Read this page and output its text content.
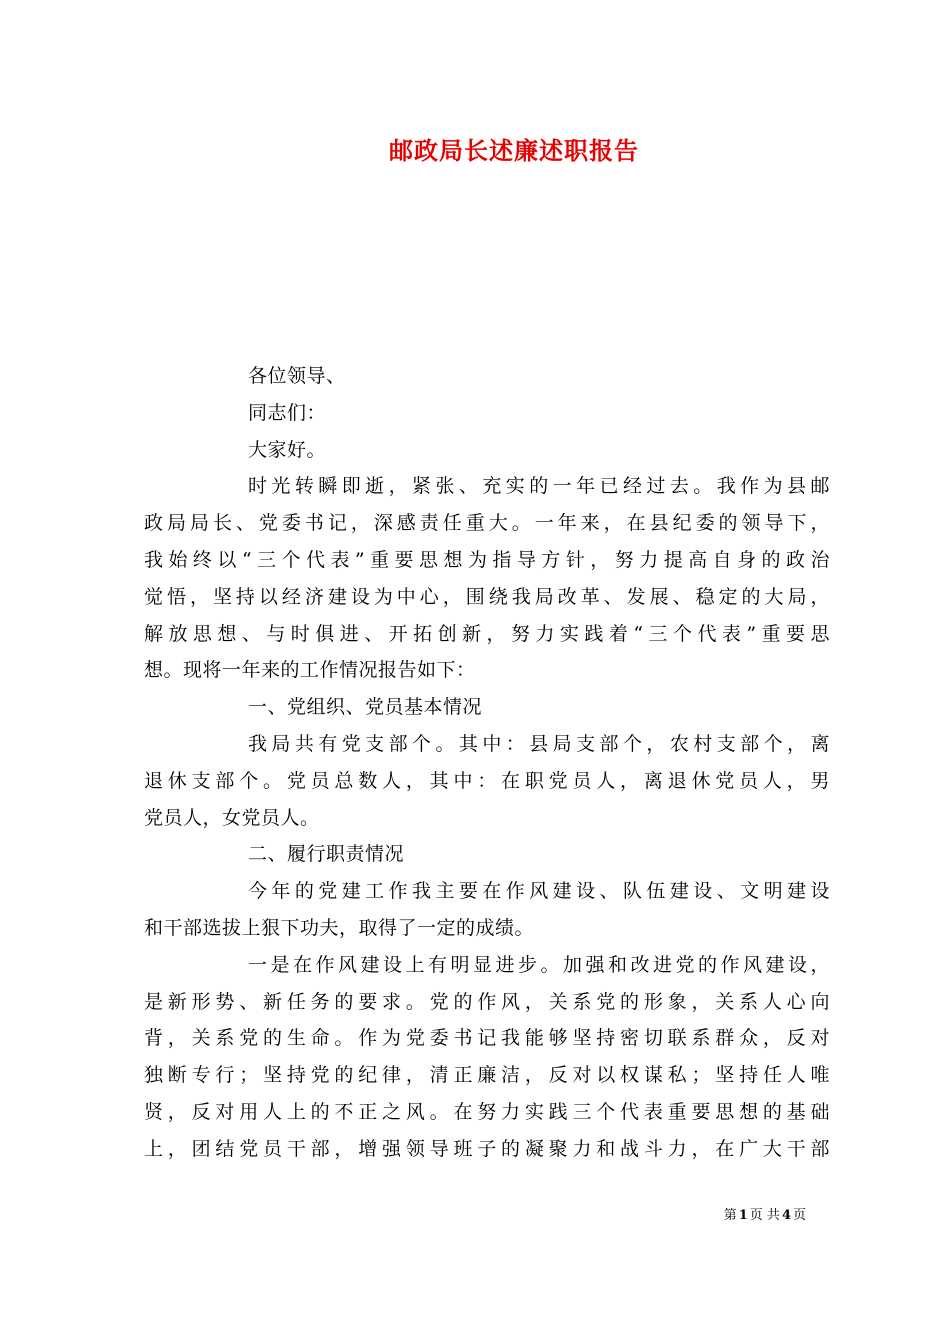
邮政局长述廉述职报告
各位领导、
同志们：
大家好。
时光转瞬即逝，紧张、充实的一年已经过去。我作为县邮
政局局长、党委书记，深感责任重大。一年来，在县纪委的领导下，
我始终以“三个代表”重要思想为指导方针，努力提高自身的政治
觉悟，坚持以经济建设为中心，围绕我局改革、发展、稳定的大局，
解放思想、与时俱进、开拓创新，努力实践着“三个代表”重要思
想。现将一年来的工作情况报告如下：
一、党组织、党员基本情况
我局共有党支部个。其中：县局支部个，农村支部个，离
退休支部个。党员总数人，其中：在职党员人，离退休党员人，男
党员人，女党员人。
二、履行职责情况
今年的党建工作我主要在作风建设、队伍建设、文明建设
和干部选拔上狠下功夫，取得了一定的成绩。
一是在作风建设上有明显进步。加强和改进党的作风建设，
是新形势、新任务的要求。党的作风，关系党的形象，关系人心向
背，关系党的生命。作为党委书记我能够坚持密切联系群众，反对
独断专行；坚持党的纪律，清正廉洁，反对以权谋私；坚持任人唯
贤，反对用人上的不正之风。在努力实践三个代表重要思想的基础
上，团结党员干部，增强领导班子的凝聚力和战斗力，在广大干部
第 1 页 共 4 页
